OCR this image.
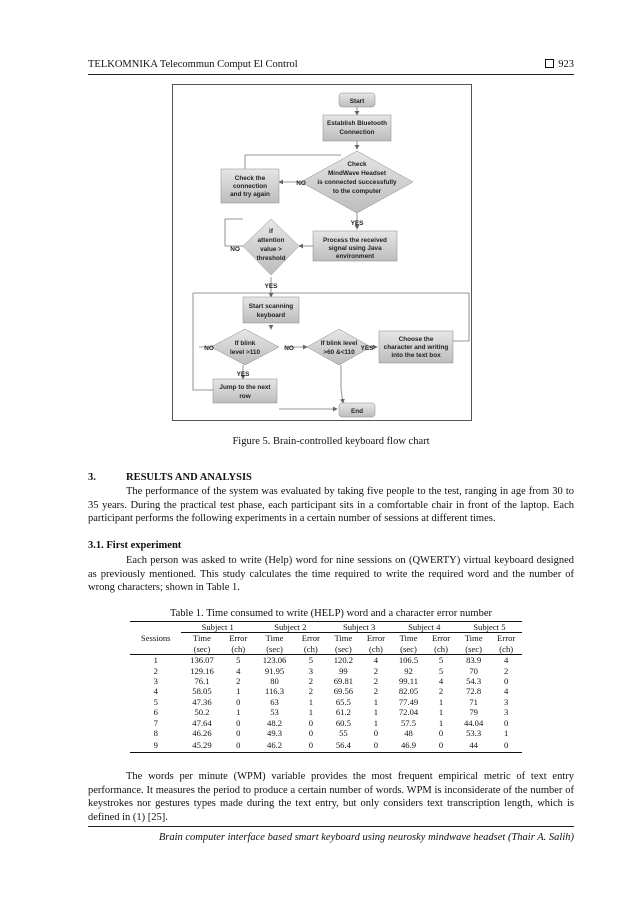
TELKOMNIKA Telecommun Comput El Control	923
Start
Establish Bluetooth
Connection
Check
MindWave Headset
is connected successfully
to the computer
Check the
connection
and try again
NO
YES
Process the received
signal using Java
environment
if
attention
value >
threshold
NO
YES
Start scanning
keyboard
If blink
level >110
NO	NO
If blink level
>60 &<110
YES
Choose the
character and writing
into the text box
YES
Jump to the next
row
End
Figure 5. Brain-controlled keyboard flow chart
3.	RESULTS AND ANALYSIS

The performance of the system was evaluated by taking five people to the test, ranging in age from 30 to 35 years. During the practical test phase, each participant sits in a comfortable chair in front of the laptop. Each participant performs the following experiments in a certain number of sessions at different times.

3.1. First experiment

Each person was asked to write (Help) word for nine sessions on (QWERTY) virtual keyboard designed as previously mentioned. This study calculates the time required to write the required word and the number of wrong characters; shown in Table 1.

Table 1. Time consumed to write (HELP) word and a character error number
	Subject 1		Subject 2		Subject 3		Subject 4		Subject 5	
Sessions	Time	Error	Time	Error	Time	Error	Time	Error	Time	Error
	(sec)	(ch)	(sec)	(ch)	(sec)	(ch)	(sec)	(ch)	(sec)	(ch)
1	136.07	5	123.06	5	120.2	4	106.5	5	83.9	4
2	129.16	4	91.95	3	99	2	92	5	70	2
3	76.1	2	80	2	69.81	2	99.11	4	54.3	0
4	58.05	1	116.3	2	69.56	2	82.05	2	72.8	4
5	47.36	0	63	1	65.5	1	77.49	1	71	3
6	50.2	1	53	1	61.2	1	72.04	1	79	3
7	47.64	0	48.2	0	60.5	1	57.5	1	44.04	0
8	46.26	0	49.3	0	55	0	48	0	53.3	1
9	45.29	0	46.2	0	56.4	0	46.9	0	44	0

The words per minute (WPM) variable provides the most frequent empirical metric of text entry performance. It measures the period to produce a certain number of words. WPM is inconsiderate of the number of keystrokes nor gestures types made during the text entry, but only considers text transcription length, which is defined in (1) [25].

Brain computer interface based smart keyboard using neurosky mindwave headset (Thair A. Salih)
